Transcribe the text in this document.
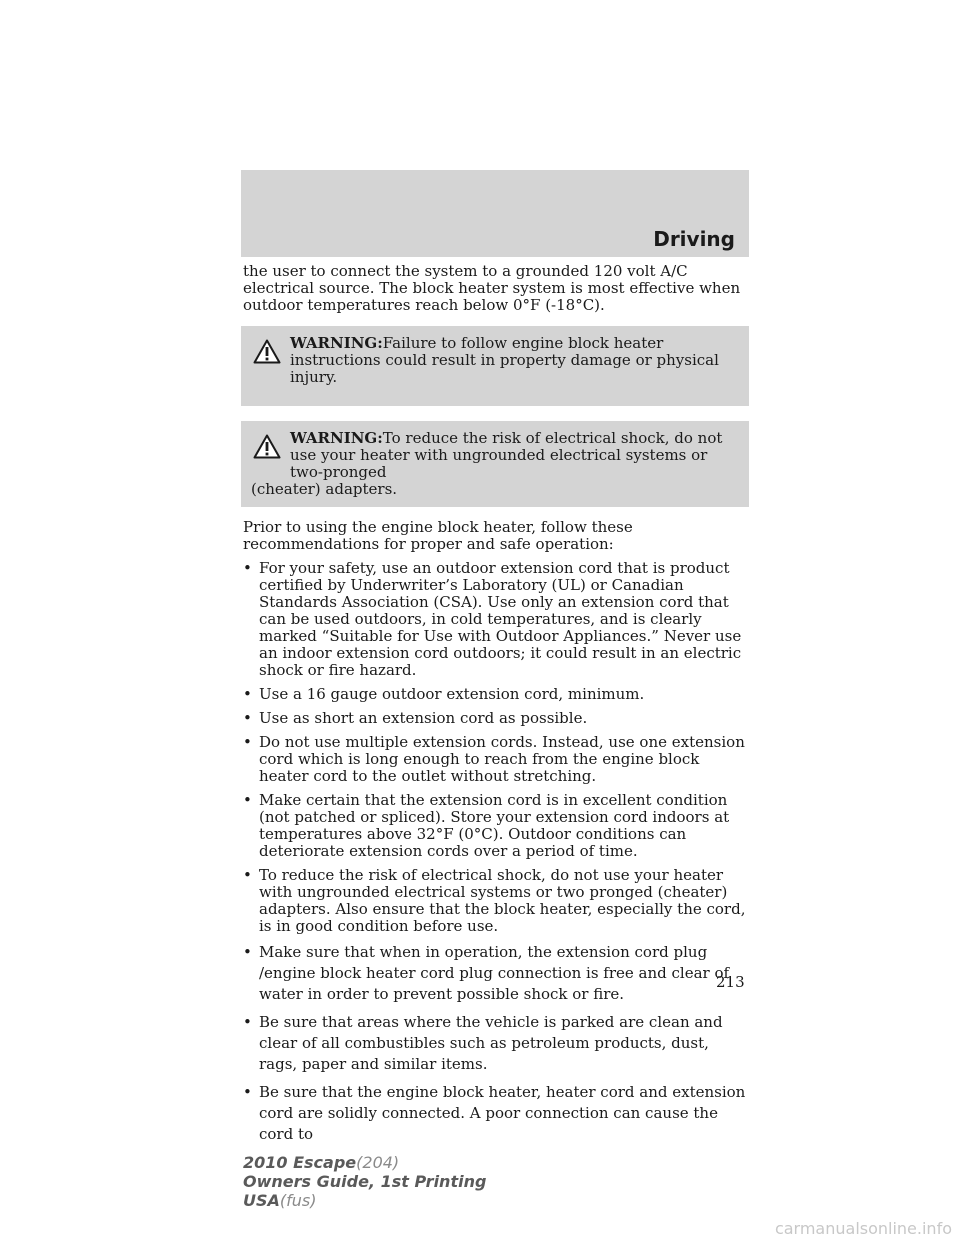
Driving

the user to connect the system to a grounded 120 volt A/C electrical source. The block heater system is most effective when outdoor temperatures reach below 0°F (-18°C).

WARNING:Failure to follow engine block heater instructions could result in property damage or physical injury.

WARNING:To reduce the risk of electrical shock, do not use your heater with ungrounded electrical systems or two-pronged

(cheater) adapters.

Prior to using the engine block heater, follow these recommendations for proper and safe operation:

• For your safety, use an outdoor extension cord that is product certified by Underwriter’s Laboratory (UL) or Canadian Standards Association (CSA). Use only an extension cord that can be used outdoors, in cold temperatures, and is clearly marked “Suitable for Use with Outdoor Appliances.” Never use an indoor extension cord outdoors; it could result in an electric shock or fire hazard.
• Use a 16 gauge outdoor extension cord, minimum.
• Use as short an extension cord as possible.
• Do not use multiple extension cords. Instead, use one extension cord which is long enough to reach from the engine block heater cord to the outlet without stretching.
• Make certain that the extension cord is in excellent condition (not patched or spliced). Store your extension cord indoors at temperatures above 32°F (0°C). Outdoor conditions can deteriorate extension cords over a period of time.
• To reduce the risk of electrical shock, do not use your heater with ungrounded electrical systems or two pronged (cheater) adapters. Also ensure that the block heater, especially the cord, is in good condition before use.
• Make sure that when in operation, the extension cord plug /engine block heater cord plug connection is free and clear of water in order to prevent possible shock or fire.
• Be sure that areas where the vehicle is parked are clean and clear of all combustibles such as petroleum products, dust, rags, paper and similar items.
• Be sure that the engine block heater, heater cord and extension cord are solidly connected. A poor connection can cause the cord to
213
2010 Escape(204)
Owners Guide, 1st Printing
USA(fus)
carmanualsonline.info
